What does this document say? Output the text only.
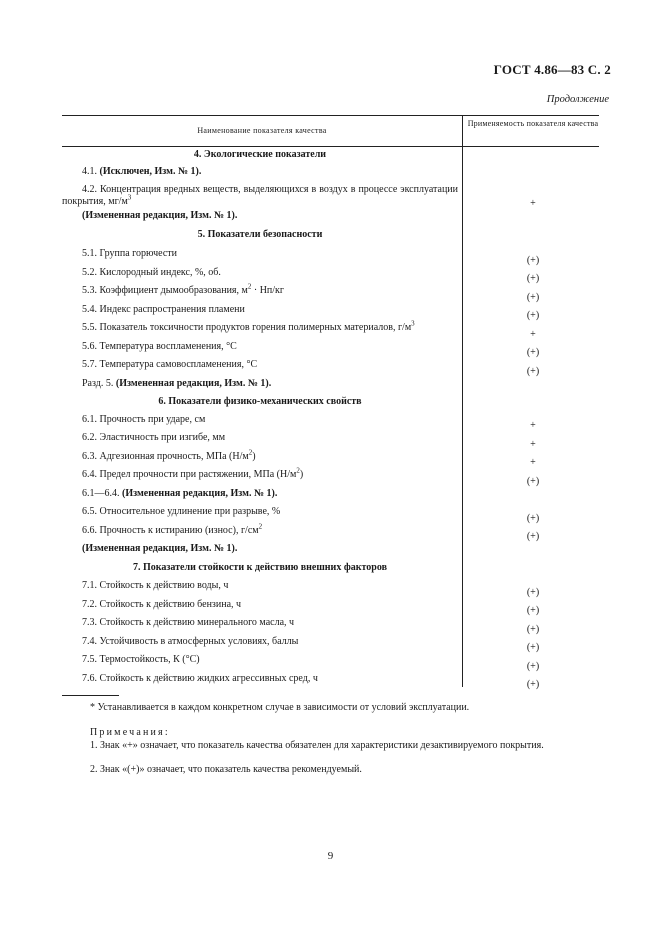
ГОСТ 4.86—83 С. 2
Продолжение
Наименование показателя качества
Применяемость показателя качества
4. Экологические показатели
4.1. (Исключен, Изм. № 1).
4.2. Концентрация вредных веществ, выделяющихся в воздух в процессе эксплуатации покрытия, $мг/м^3$
+
(Измененная редакция, Изм. № 1).
5. Показатели безопасности
5.1. Группа горючести
(+)
5.2. Кислородный индекс, %, об.
(+)
5.3. Коэффициент дымообразования, $м^2 \cdot Нп/кг$
(+)
5.4. Индекс распространения пламени
(+)
5.5. Показатель токсичности продуктов горения полимерных материалов, $г/м^3$
+
5.6. Температура воспламенения, °С
(+)
5.7. Температура самовоспламенения, °С
(+)
Разд. 5. (Измененная редакция, Изм. № 1).
6. Показатели физико-механических свойств
6.1. Прочность при ударе, см
+
6.2. Эластичность при изгибе, мм
+
6.3. Адгезионная прочность, МПа $(Н/м^2)$
+
6.4. Предел прочности при растяжении, МПа $(Н/м^2)$
(+)
6.1—6.4. (Измененная редакция, Изм. № 1).
6.5. Относительное удлинение при разрыве, %
(+)
6.6. Прочность к истиранию (износ), $г/см^2$
(+)
(Измененная редакция, Изм. № 1).
7. Показатели стойкости к действию внешних факторов
7.1. Стойкость к действию воды, ч
(+)
7.2. Стойкость к действию бензина, ч
(+)
7.3. Стойкость к действию минерального масла, ч
(+)
7.4. Устойчивость в атмосферных условиях, баллы
(+)
7.5. Термостойкость, К (°С)
(+)
7.6. Стойкость к действию жидких агрессивных сред, ч
(+)
* Устанавливается в каждом конкретном случае в зависимости от условий эксплуатации.
Примечания:
1. Знак «+» означает, что показатель качества обязателен для характеристики дезактивируемого покрытия.
2. Знак «(+)» означает, что показатель качества рекомендуемый.
9
